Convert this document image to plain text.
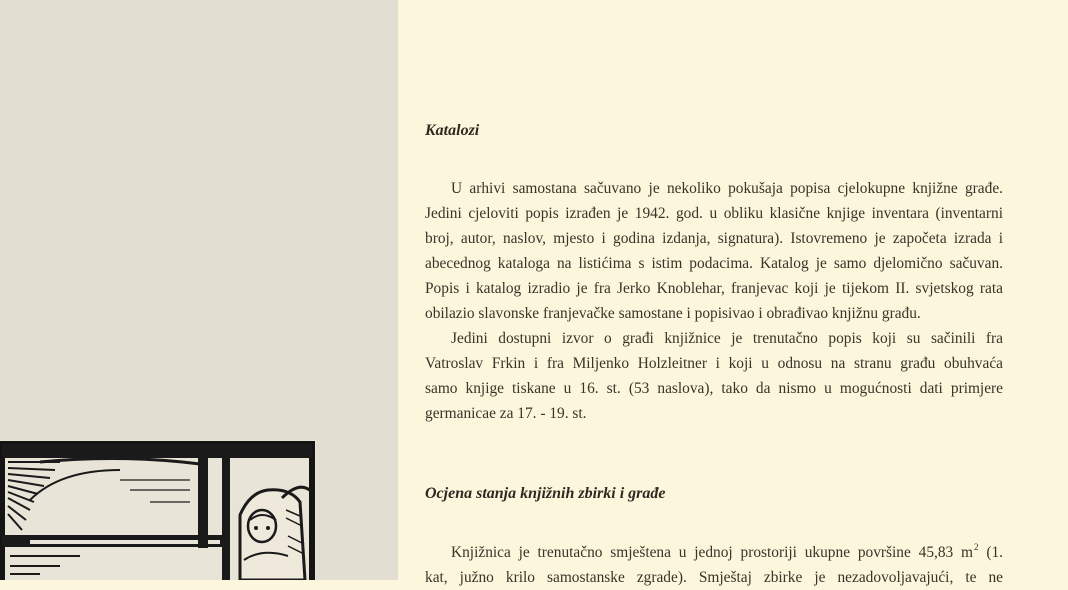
Katalozi

U arhivi samostana sačuvano je nekoliko pokušaja popisa cjelokupne knjižne građe.

Jedini cjeloviti popis izrađen je 1942. god. u obliku klasične knjige inventara (inventarni

broj, autor, naslov, mjesto i godina izdanja, signatura). Istovremeno je započeta izrada i

abecednog kataloga na listićima s istim podacima. Katalog je samo djelomično sačuvan.

Popis i katalog izradio je fra Jerko Knoblehar, franjevac koji je tijekom II. svjetskog rata

obilazio slavonske franjevačke samostane i popisivao i obrađivao knjižnu građu.

Jedini dostupni izvor o građi knjižnice je trenutačno popis koji su sačinili fra

Vatroslav Frkin i fra Miljenko Holzleitner i koji u odnosu na stranu građu obuhvaća

samo knjige tiskane u 16. st. (53 naslova), tako da nismo u mogućnosti dati primjere

germanicae za 17. - 19. st.

Ocjena stanja knjižnih zbirki i građe

Knjižnica je trenutačno smještena u jednoj prostoriji ukupne površine 45,83 $m^2$ (1.

kat, južno krilo samostanske zgrade). Smještaj zbirke je nezadovoljavajući, te ne
